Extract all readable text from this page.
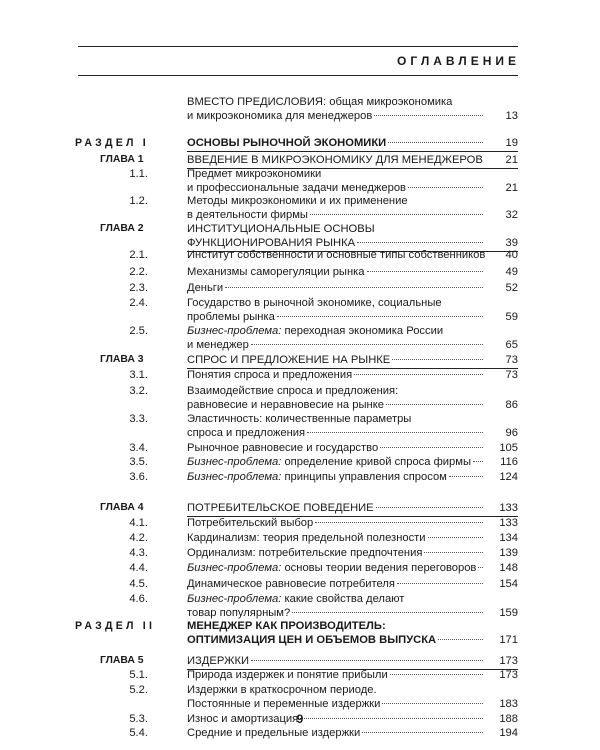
ОГЛАВЛЕНИЕ
ВМЕСТО ПРЕДИСЛОВИЯ: общая микроэкономика
и микроэкономика для менеджеров	13
РАЗДЕЛ I	ОСНОВЫ РЫНОЧНОЙ ЭКОНОМИКИ	19
ГЛАВА 1	ВВЕДЕНИЕ В МИКРОЭКОНОМИКУ ДЛЯ МЕНЕДЖЕРОВ	21
1.1.	Предмет микроэкономики
и профессиональные задачи менеджеров	21
1.2.	Методы микроэкономики и их применение
в деятельности фирмы	32
ГЛАВА 2	ИНСТИТУЦИОНАЛЬНЫЕ ОСНОВЫ
ФУНКЦИОНИРОВАНИЯ РЫНКА	39
2.1.	Институт собственности и основные типы собственников	40
2.2.	Механизмы саморегуляции рынка	49
2.3.	Деньги	52
2.4.	Государство в рыночной экономике, социальные
проблемы рынка	59
2.5.	Бизнес-проблема: переходная экономика России
и менеджер	65
ГЛАВА 3	СПРОС И ПРЕДЛОЖЕНИЕ НА РЫНКЕ	73
3.1.	Понятия спроса и предложения	73
3.2.	Взаимодействие спроса и предложения:
равновесие и неравновесие на рынке	86
3.3.	Эластичность: количественные параметры
спроса и предложения	96
3.4.	Рыночное равновесие и государство	105
3.5.	Бизнес-проблема: определение кривой спроса фирмы	116
3.6.	Бизнес-проблема: принципы управления спросом	124
ГЛАВА 4	ПОТРЕБИТЕЛЬСКОЕ ПОВЕДЕНИЕ	133
4.1.	Потребительский выбор	133
4.2.	Кардинализм: теория предельной полезности	134
4.3.	Ординализм: потребительские предпочтения	139
4.4.	Бизнес-проблема: основы теории ведения переговоров	148
4.5.	Динамическое равновесие потребителя	154
4.6.	Бизнес-проблема: какие свойства делают
товар популярным?	159
РАЗДЕЛ II	МЕНЕДЖЕР КАК ПРОИЗВОДИТЕЛЬ:
ОПТИМИЗАЦИЯ ЦЕН И ОБЪЕМОВ ВЫПУСКА	171
ГЛАВА 5	ИЗДЕРЖКИ	173
5.1.	Природа издержек и понятие прибыли	173
5.2.	Издержки в краткосрочном периоде.
Постоянные и переменные издержки	183
5.3.	Износ и амортизация	188
5.4.	Средние и предельные издержки	194
9
